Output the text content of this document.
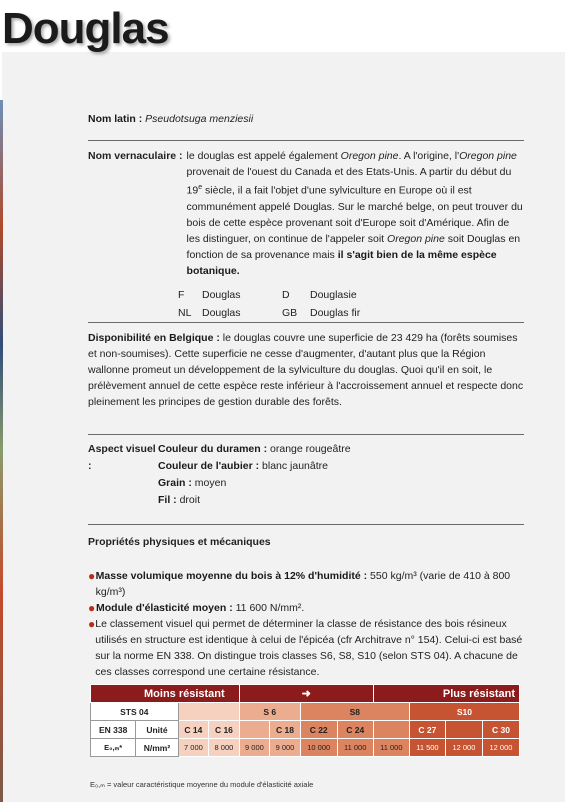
Douglas
Nom latin : Pseudotsuga menziesii
Nom vernaculaire : le douglas est appelé également Oregon pine. A l'origine, l'Oregon pine provenait de l'ouest du Canada et des Etats-Unis. A partir du début du 19e siècle, il a fait l'objet d'une sylviculture en Europe où il est communément appelé Douglas. Sur le marché belge, on peut trouver du bois de cette espèce provenant soit d'Europe soit d'Amérique. Afin de les distinguer, on continue de l'appeler soit Oregon pine soit Douglas en fonction de sa provenance mais il s'agit bien de la même espèce botanique.
F	Douglas	D	Douglasie
NL	Douglas	GB	Douglas fir
Disponibilité en Belgique : le douglas couvre une superficie de 23 429 ha (forêts soumises et non-soumises). Cette superficie ne cesse d'augmenter, d'autant plus que la Région wallonne promeut un développement de la sylviculture du douglas. Quoi qu'il en soit, le prélèvement annuel de cette espèce reste inférieur à l'accroissement annuel et respecte donc pleinement les principes de gestion durable des forêts.
Aspect visuel :
Couleur du duramen : orange rougeâtre
Couleur de l'aubier : blanc jaunâtre
Grain : moyen
Fil : droit
Propriétés physiques et mécaniques
● Masse volumique moyenne du bois à 12% d'humidité : 550 kg/m³ (varie de 410 à 800 kg/m³)
● Module d'élasticité moyen : 11 600 N/mm².
● Le classement visuel qui permet de déterminer la classe de résistance des bois résineux utilisés en structure est identique à celui de l'épicéa (cfr Architrave n° 154). Celui-ci est basé sur la norme EN 338. On distingue trois classes S6, S8, S10 (selon STS 04). A chacune de ces classes correspond une certaine résistance.
Moins résistant				➜				Plus résistant			
STS 04				S 6		S8			S10		
EN 338	Unité	C 14	C 16		C 18	C 22	C 24		C 27		C 30
E₀,ₘ*	N/mm²	7 000	8 000	9 000	9 000	10 000	11 000	11 000	11 500	12 000	12 000
E₀,ₘ = valeur caractéristique moyenne du module d'élasticité axiale
